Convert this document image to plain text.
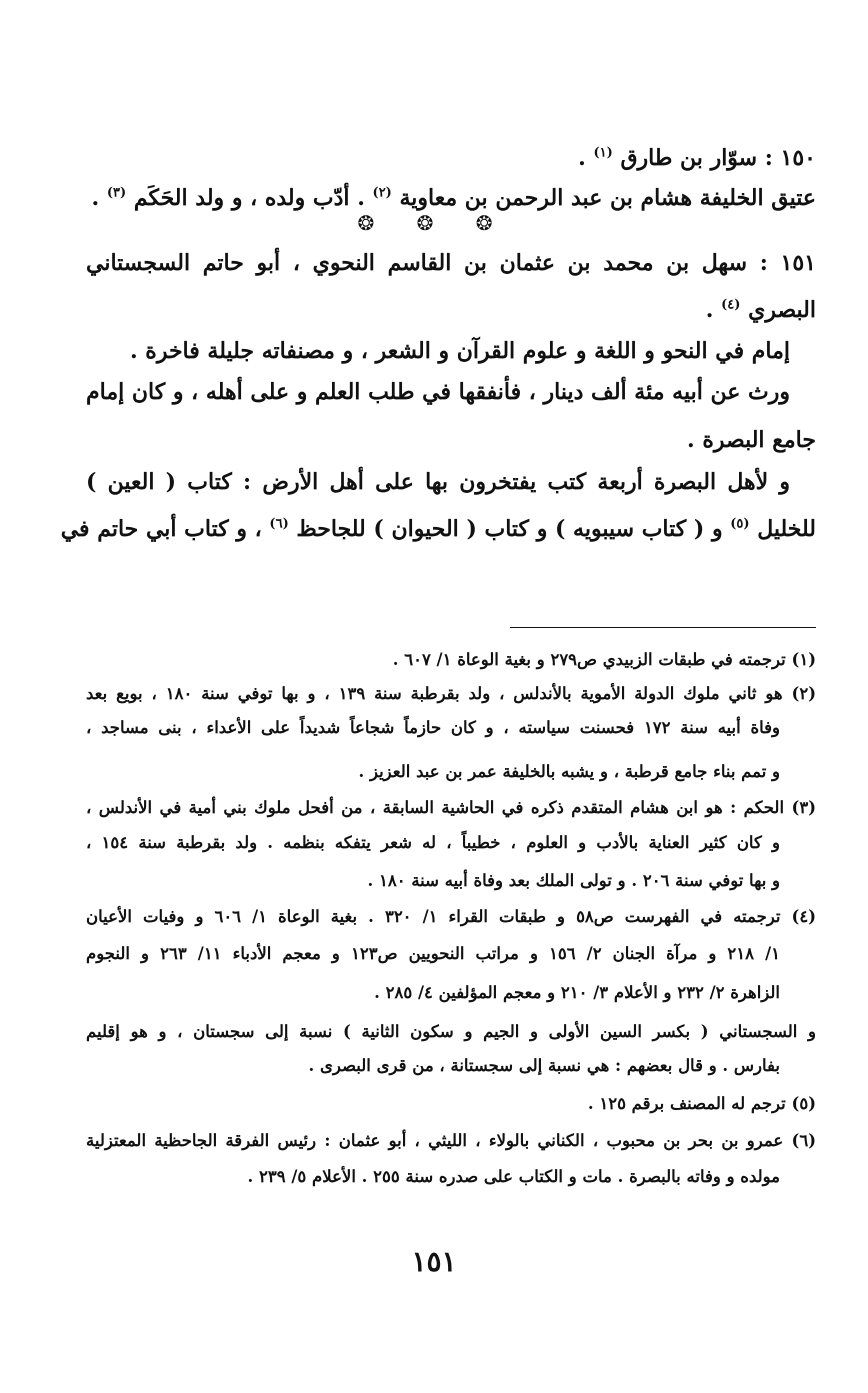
١٥٠ : سوّار بن طارق $^{(١)}$ .
عتيق الخليفة هشام بن عبد الرحمن بن معاوية $^{(٢)}$ . أدّب ولده ، و ولد الحَكَم $^{(٣)}$ .
❂ ❂ ❂
١٥١ : سهل بن محمد بن عثمان بن القاسم النحوي ، أبو حاتم السجستاني
البصري $^{(٤)}$ .
إمام في النحو و اللغة و علوم القرآن و الشعر ، و مصنفاته جليلة فاخرة .
ورث عن أبيه مئة ألف دينار ، فأنفقها في طلب العلم و على أهله ، و كان إمام
جامع البصرة .
و لأهل البصرة أربعة كتب يفتخرون بها على أهل الأرض : كتاب ( العين )
للخليل $^{(٥)}$ و ( كتاب سيبويه ) و كتاب ( الحيوان ) للجاحظ $^{(٦)}$ ، و كتاب أبي حاتم في
(١) ترجمته في طبقات الزبيدي ص٢٧٩ و بغية الوعاة ١/ ٦٠٧ .
(٢) هو ثاني ملوك الدولة الأموية بالأندلس ، ولد بقرطبة سنة ١٣٩ ، و بها توفي سنة ١٨٠ ، بويع بعد
وفاة أبيه سنة ١٧٢ فحسنت سياسته ، و كان حازماً شجاعاً شديداً على الأعداء ، بنى مساجد ،
و تمم بناء جامع قرطبة ، و يشبه بالخليفة عمر بن عبد العزيز .
(٣) الحكم : هو ابن هشام المتقدم ذكره في الحاشية السابقة ، من أفحل ملوك بني أمية في الأندلس ،
و كان كثير العناية بالأدب و العلوم ، خطيباً ، له شعر يتفكه بنظمه . ولد بقرطبة سنة ١٥٤ ،
و بها توفي سنة ٢٠٦ . و تولى الملك بعد وفاة أبيه سنة ١٨٠ .
(٤) ترجمته في الفهرست ص٥٨ و طبقات القراء ١/ ٣٢٠ . بغية الوعاة ١/ ٦٠٦ و وفيات الأعيان
١/ ٢١٨ و مرآة الجنان ٢/ ١٥٦ و مراتب النحويين ص١٢٣ و معجم الأدباء ١١/ ٢٦٣ و النجوم
الزاهرة ٢/ ٢٣٢ و الأعلام ٣/ ٢١٠ و معجم المؤلفين ٤/ ٢٨٥ .
و السجستاني ( بكسر السين الأولى و الجيم و سكون الثانية ) نسبة إلى سجستان ، و هو إقليم
بفارس . و قال بعضهم : هي نسبة إلى سجستانة ، من قرى البصرى .
(٥) ترجم له المصنف برقم ١٢٥ .
(٦) عمرو بن بحر بن محبوب ، الكناني بالولاء ، الليثي ، أبو عثمان : رئيس الفرقة الجاحظية المعتزلية
مولده و وفاته بالبصرة . مات و الكتاب على صدره سنة ٢٥٥ . الأعلام ٥/ ٢٣٩ .
١٥١
